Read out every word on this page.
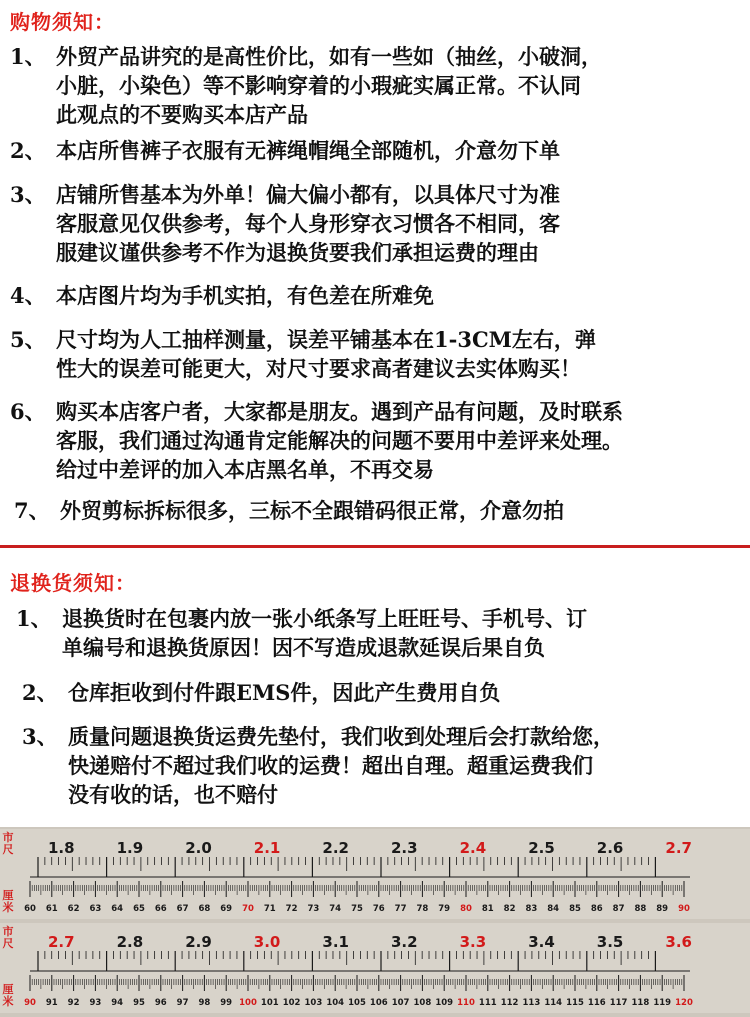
购物须知：
1、 外贸产品讲究的是高性价比，如有一些如（抽丝，小破洞，
小脏，小染色）等不影响穿着的小瑕疵实属正常。不认同
此观点的不要购买本店产品
2、 本店所售裤子衣服有无裤绳帽绳全部随机，介意勿下单
3、 店铺所售基本为外单！偏大偏小都有，以具体尺寸为准
客服意见仅供参考，每个人身形穿衣习惯各不相同，客
服建议谨供参考不作为退换货要我们承担运费的理由
4、 本店图片均为手机实拍，有色差在所难免
5、 尺寸均为人工抽样测量，误差平铺基本在1-3CM左右，弹
性大的误差可能更大，对尺寸要求高者建议去实体购买！
6、 购买本店客户者，大家都是朋友。遇到产品有问题，及时联系
客服，我们通过沟通肯定能解决的问题不要用中差评来处理。
给过中差评的加入本店黑名单，不再交易
7、 外贸剪标拆标很多，三标不全跟错码很正常，介意勿拍
退换货须知：
1、 退换货时在包裹内放一张小纸条写上旺旺号、手机号、订
单编号和退换货原因！因不写造成退款延误后果自负
2、 仓库拒收到付件跟EMS件，因此产生费用自负
3、 质量问题退换货运费先垫付，我们收到处理后会打款给您，
快递赔付不超过我们收的运费！超出自理。超重运费我们
没有收的话，也不赔付
市
尺
厘
米
1.8	1.9	2.0	2.1	2.2	2.3	2.4	2.5	2.6	2.7
60 61 62 63 64 65 66 67 68 69 70 71 72 73 74 75 76 77 78 79 80 81 82 83 84 85 86 87 88 89 90
市
尺
厘
米
2.7	2.8	2.9	3.0	3.1	3.2	3.3	3.4	3.5	3.6
90 91 92 93 94 95 96 97 98 99 100 101 102 103 104 105 106 107 108 109 110 111 112 113 114 115 116 117 118 119 120
